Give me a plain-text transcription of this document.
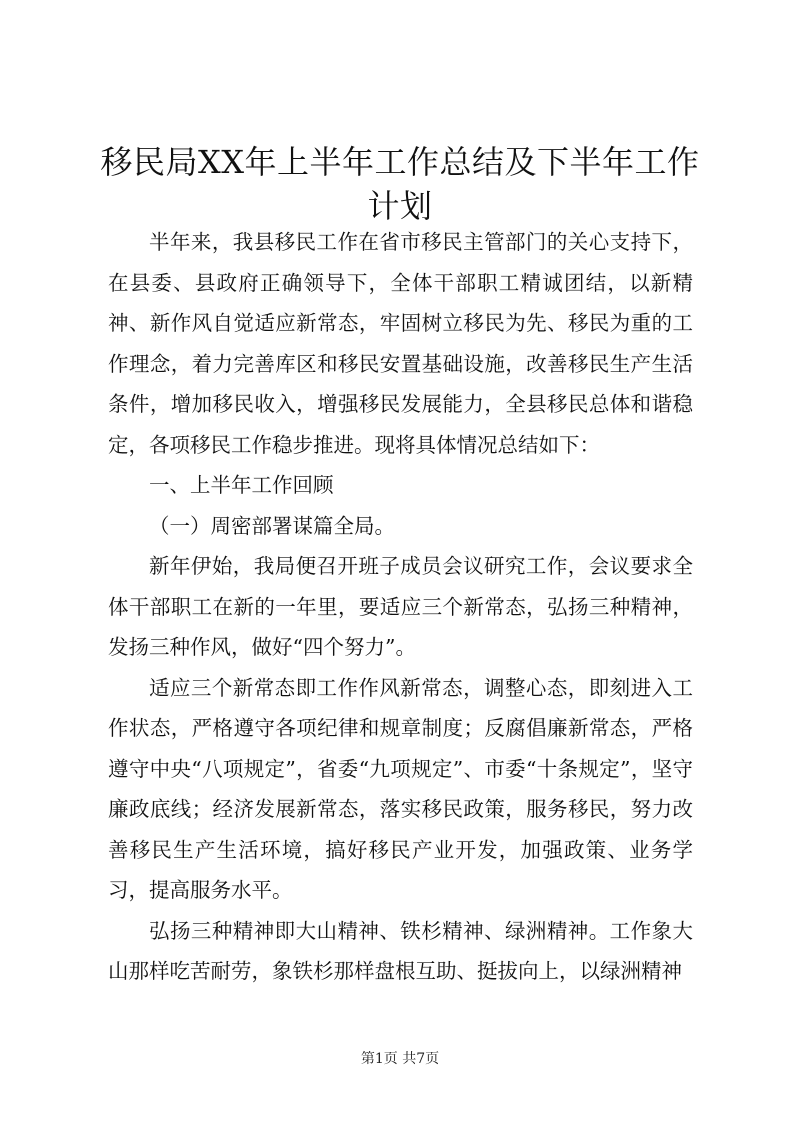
移民局XX年上半年工作总结及下半年工作计划

半年来，我县移民工作在省市移民主管部门的关心支持下，在县委、县政府正确领导下，全体干部职工精诚团结，以新精神、新作风自觉适应新常态，牢固树立移民为先、移民为重的工作理念，着力完善库区和移民安置基础设施，改善移民生产生活条件，增加移民收入，增强移民发展能力，全县移民总体和谐稳定，各项移民工作稳步推进。现将具体情况总结如下：

一、上半年工作回顾

（一）周密部署谋篇全局。

新年伊始，我局便召开班子成员会议研究工作，会议要求全体干部职工在新的一年里，要适应三个新常态，弘扬三种精神，发扬三种作风，做好“四个努力”。

适应三个新常态即工作作风新常态，调整心态，即刻进入工作状态，严格遵守各项纪律和规章制度；反腐倡廉新常态，严格遵守中央“八项规定”，省委“九项规定”、市委“十条规定”，坚守廉政底线；经济发展新常态，落实移民政策，服务移民，努力改善移民生产生活环境，搞好移民产业开发，加强政策、业务学习，提高服务水平。

弘扬三种精神即大山精神、铁杉精神、绿洲精神。工作象大山那样吃苦耐劳，象铁杉那样盘根互助、挺拔向上，以绿洲精神

第1页 共7页
